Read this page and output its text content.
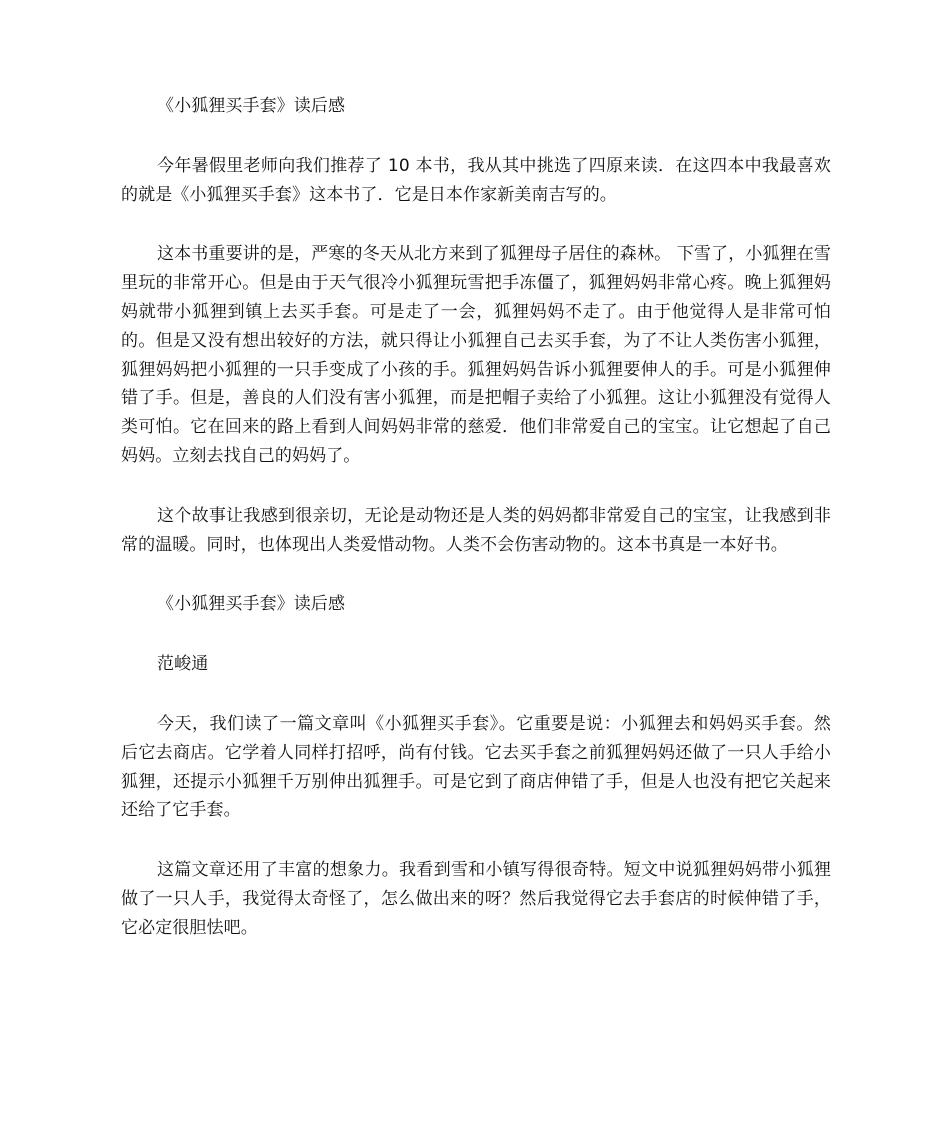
《小狐狸买手套》读后感

今年暑假里老师向我们推荐了 10 本书，我从其中挑选了四原来读．在这四本中我最喜欢的就是《小狐狸买手套》这本书了．它是日本作家新美南吉写的。

这本书重要讲的是，严寒的冬天从北方来到了狐狸母子居住的森林。 下雪了，小狐狸在雪里玩的非常开心。但是由于天气很冷小狐狸玩雪把手冻僵了，狐狸妈妈非常心疼。晚上狐狸妈妈就带小狐狸到镇上去买手套。可是走了一会，狐狸妈妈不走了。由于他觉得人是非常可怕的。但是又没有想出较好的方法，就只得让小狐狸自己去买手套，为了不让人类伤害小狐狸，狐狸妈妈把小狐狸的一只手变成了小孩的手。狐狸妈妈告诉小狐狸要伸人的手。可是小狐狸伸错了手。但是，善良的人们没有害小狐狸，而是把帽子卖给了小狐狸。这让小狐狸没有觉得人类可怕。它在回来的路上看到人间妈妈非常的慈爱．他们非常爱自己的宝宝。让它想起了自己妈妈。立刻去找自己的妈妈了。

这个故事让我感到很亲切，无论是动物还是人类的妈妈都非常爱自己的宝宝，让我感到非常的温暖。同时，也体现出人类爱惜动物。人类不会伤害动物的。这本书真是一本好书。

《小狐狸买手套》读后感

范峻通

今天，我们读了一篇文章叫《小狐狸买手套》。它重要是说：小狐狸去和妈妈买手套。然后它去商店。它学着人同样打招呼，尚有付钱。它去买手套之前狐狸妈妈还做了一只人手给小狐狸，还提示小狐狸千万别伸出狐狸手。可是它到了商店伸错了手，但是人也没有把它关起来还给了它手套。

这篇文章还用了丰富的想象力。我看到雪和小镇写得很奇特。短文中说狐狸妈妈带小狐狸做了一只人手，我觉得太奇怪了，怎么做出来的呀？然后我觉得它去手套店的时候伸错了手，它必定很胆怯吧。
